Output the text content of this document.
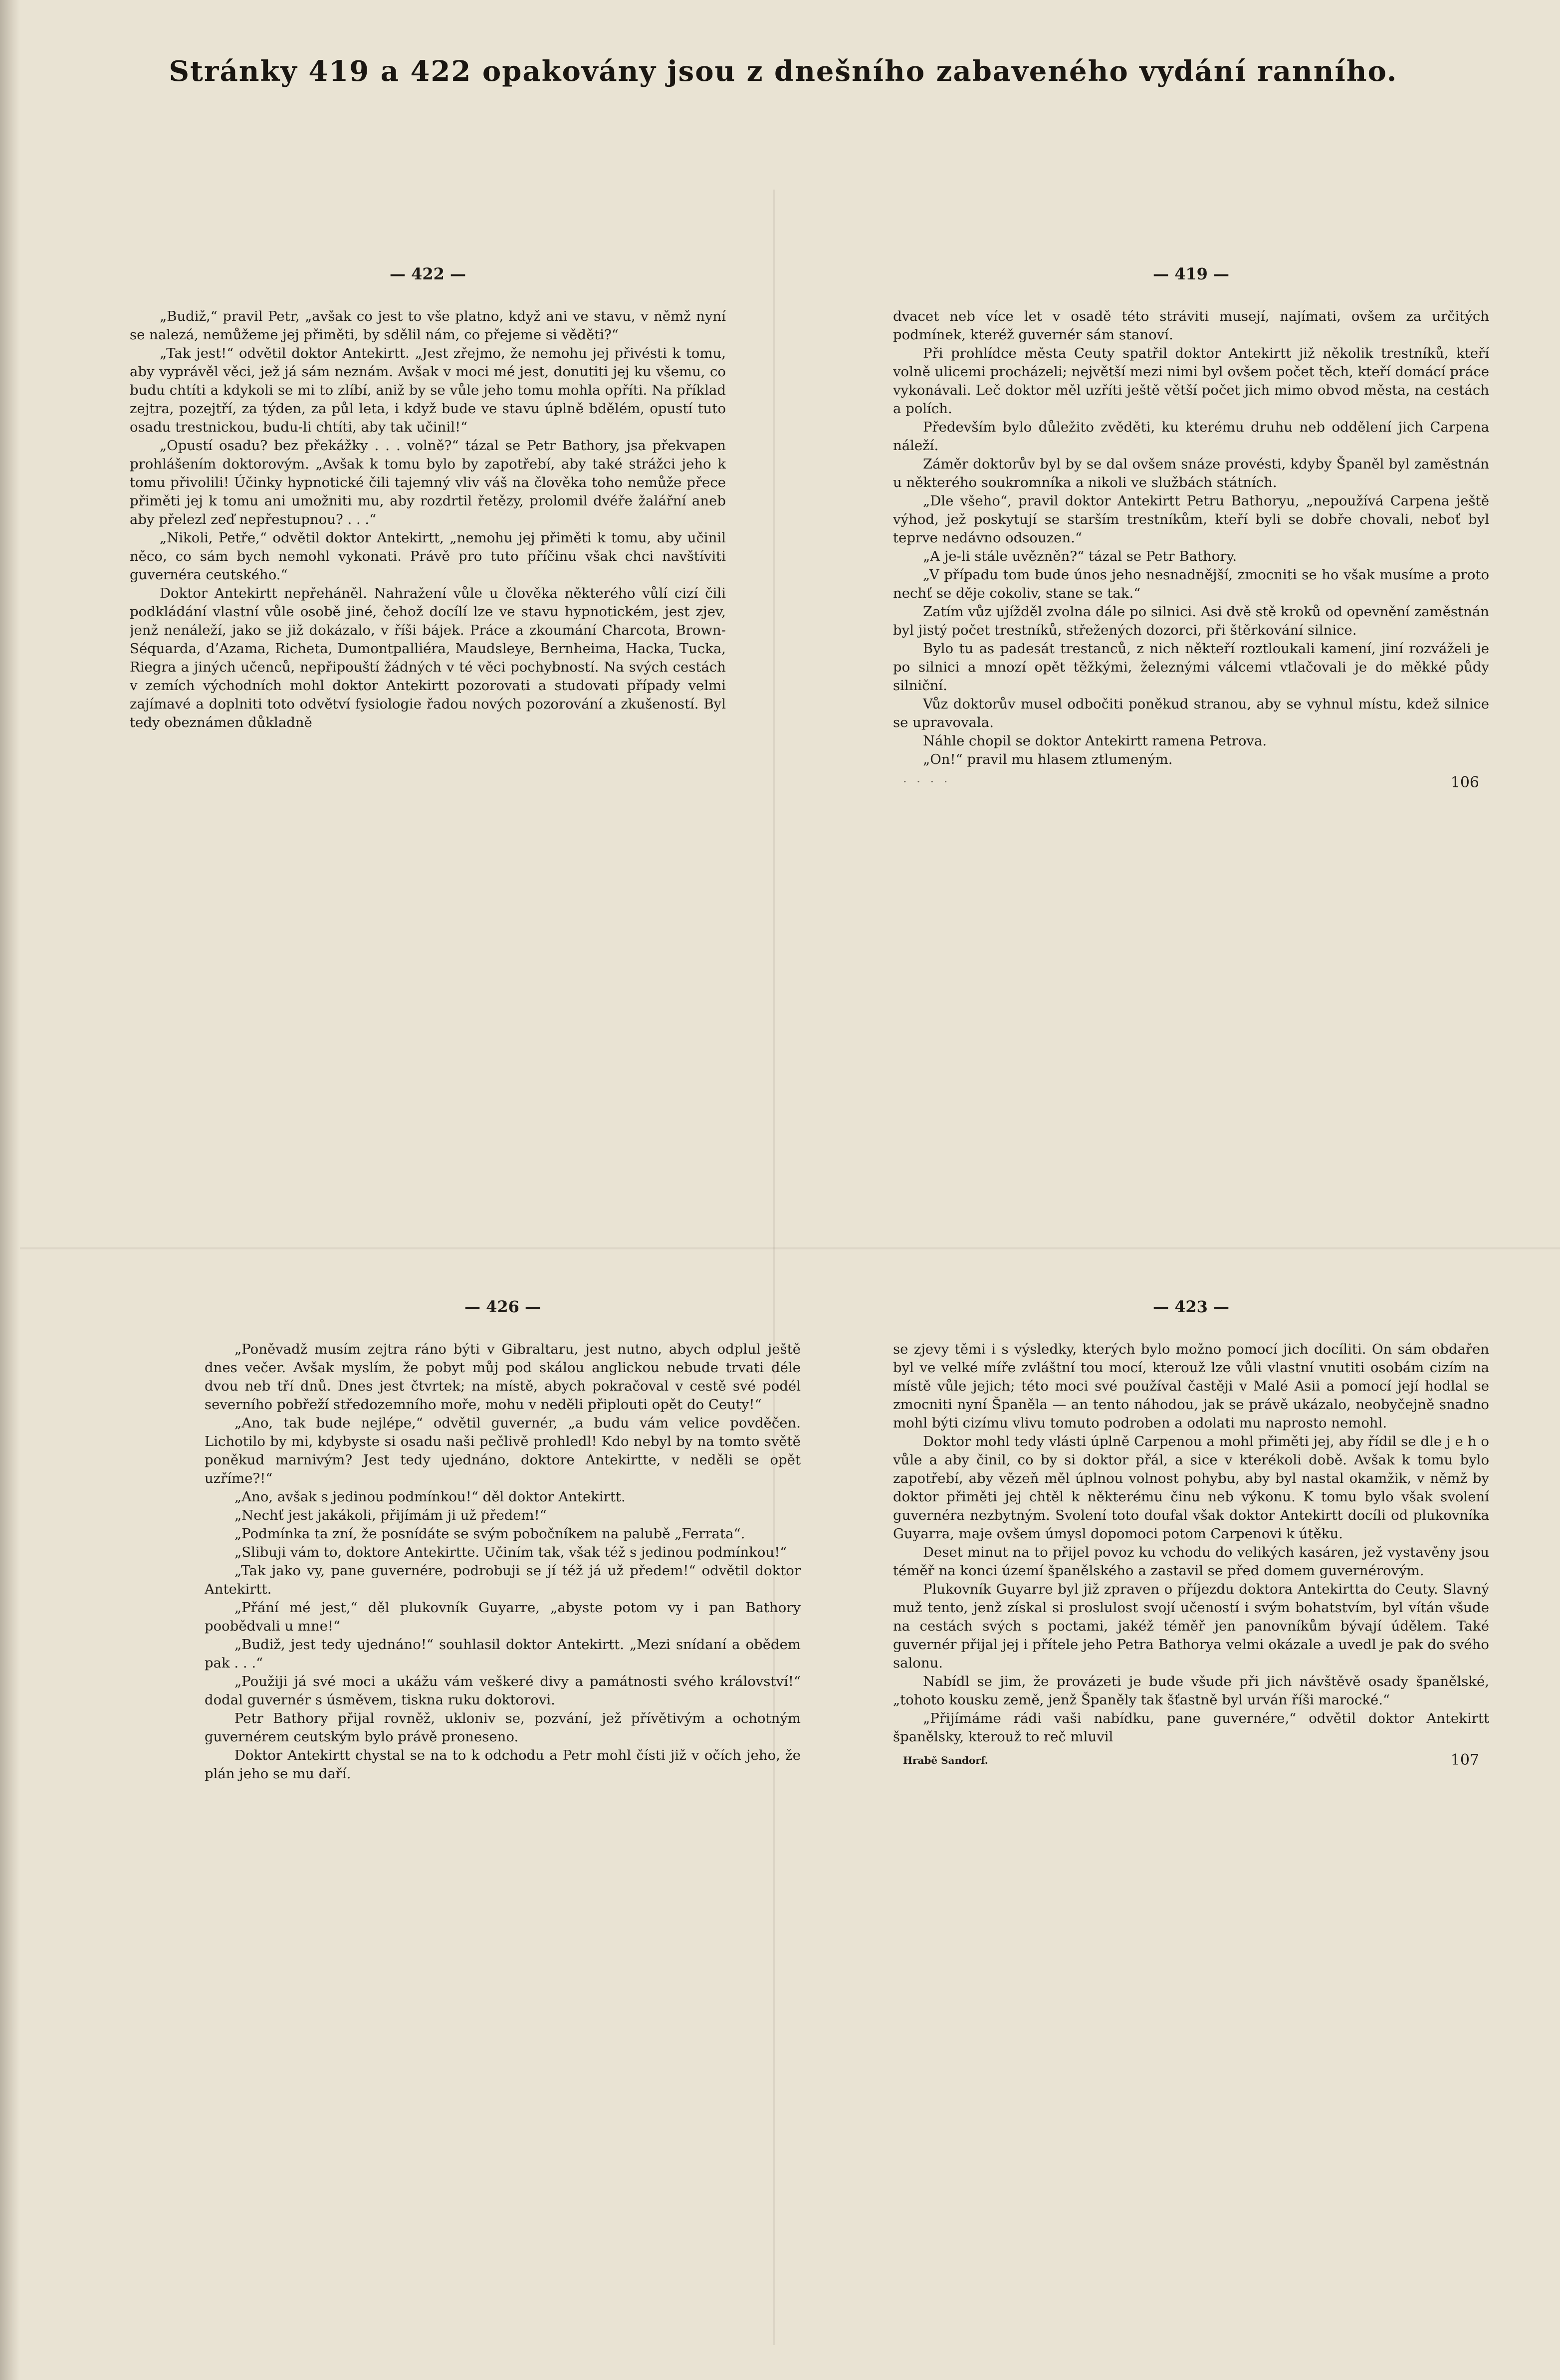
Stránky 419 a 422 opakovány jsou z dnešního zabaveného vydání ranního.
— 422 —

„Budiž,“ pravil Petr, „avšak co jest to vše platno, když ani ve stavu, v němž nyní se nalezá, nemůžeme jej přiměti, by sdělil nám, co přejeme si věděti?“

„Tak jest!“ odvětil doktor Antekirtt. „Jest zřejmo, že nemohu jej přivésti k tomu, aby vyprávěl věci, jež já sám neznám. Avšak v moci mé jest, donutiti jej ku všemu, co budu chtíti a kdykoli se mi to zlíbí, aniž by se vůle jeho tomu mohla opříti. Na příklad zejtra, pozejtří, za týden, za půl leta, i když bude ve stavu úplně bdělém, opustí tuto osadu trestnickou, budu-li chtíti, aby tak učinil!“

„Opustí osadu? bez překážky . . . volně?“ tázal se Petr Bathory, jsa překvapen prohlášením doktorovým. „Avšak k tomu bylo by zapotřebí, aby také strážci jeho k tomu přivolili! Účinky hypnotické čili tajemný vliv váš na člověka toho nemůže přece přiměti jej k tomu ani umožniti mu, aby rozdrtil řetězy, prolomil dvéře žalářní aneb aby přelezl zeď nepřestupnou? . . .“

„Nikoli, Petře,“ odvětil doktor Antekirtt, „nemohu jej přiměti k tomu, aby učinil něco, co sám bych nemohl vykonati. Právě pro tuto příčinu však chci navštíviti guvernéra ceutského.“

Doktor Antekirtt nepřeháněl. Nahražení vůle u člověka některého vůlí cizí čili podkládání vlastní vůle osobě jiné, čehož docílí lze ve stavu hypnotickém, jest zjev, jenž nenáleží, jako se již dokázalo, v říši bájek. Práce a zkoumání Charcota, Brown-Séquarda, d’Azama, Richeta, Dumontpalliéra, Maudsleye, Bernheima, Hacka, Tucka, Riegra a jiných učenců, nepřipouští žádných v té věci pochybností. Na svých cestách v zemích východních mohl doktor Antekirtt pozorovati a studovati případy velmi zajímavé a doplniti toto odvětví fysiologie řadou nových pozorování a zkušeností. Byl tedy obeznámen důkladně

— 419 —

dvacet neb více let v osadě této stráviti musejí, najímati, ovšem za určitých podmínek, kteréž guvernér sám stanoví.

Při prohlídce města Ceuty spatřil doktor Antekirtt již několik trestníků, kteří volně ulicemi procházeli; největší mezi nimi byl ovšem počet těch, kteří domácí práce vykonávali. Leč doktor měl uzříti ještě větší počet jich mimo obvod města, na cestách a polích.

Především bylo důležito zvěděti, ku kterému druhu neb oddělení jich Carpena náleží.

Záměr doktorův byl by se dal ovšem snáze provésti, kdyby Španěl byl zaměstnán u některého soukromníka a nikoli ve službách státních.

„Dle všeho“, pravil doktor Antekirtt Petru Bathoryu, „nepoužívá Carpena ještě výhod, jež poskytují se starším trestníkům, kteří byli se dobře chovali, neboť byl teprve nedávno odsouzen.“

„A je-li stále uvězněn?“ tázal se Petr Bathory.

„V případu tom bude únos jeho nesnadnější, zmocniti se ho však musíme a proto nechť se děje cokoliv, stane se tak.“

Zatím vůz ujížděl zvolna dále po silnici. Asi dvě stě kroků od opevnění zaměstnán byl jistý počet trestníků, střežených dozorci, při štěrkování silnice.

Bylo tu as padesát trestanců, z nich někteří roztloukali kamení, jiní rozváželi je po silnici a mnozí opět těžkými, železnými válcemi vtlačovali je do měkké půdy silniční.

Vůz doktorův musel odbočiti poněkud stranou, aby se vyhnul místu, kdež silnice se upravovala.

Náhle chopil se doktor Antekirtt ramena Petrova.

„On!“ pravil mu hlasem ztlumeným.

· · · ·	106
— 426 —

„Poněvadž musím zejtra ráno býti v Gibraltaru, jest nutno, abych odplul ještě dnes večer. Avšak myslím, že pobyt můj pod skálou anglickou nebude trvati déle dvou neb tří dnů. Dnes jest čtvrtek; na místě, abych pokračoval v cestě své podél severního pobřeží středozemního moře, mohu v neděli připlouti opět do Ceuty!“

„Ano, tak bude nejlépe,“ odvětil guvernér, „a budu vám velice povděčen. Lichotilo by mi, kdybyste si osadu naši pečlivě prohledl! Kdo nebyl by na tomto světě poněkud marnivým? Jest tedy ujednáno, doktore Antekirtte, v neděli se opět uzříme?!“

„Ano, avšak s jedinou podmínkou!“ děl doktor Antekirtt.

„Nechť jest jakákoli, přijímám ji už předem!“

„Podmínka ta zní, že posnídáte se svým pobočníkem na palubě „Ferrata“.

„Slibuji vám to, doktore Antekirtte. Učiním tak, však též s jedinou podmínkou!“

„Tak jako vy, pane guvernére, podrobuji se jí též já už předem!“ odvětil doktor Antekirtt.

„Přání mé jest,“ děl plukovník Guyarre, „abyste potom vy i pan Bathory poobědvali u mne!“

„Budiž, jest tedy ujednáno!“ souhlasil doktor Antekirtt. „Mezi snídaní a obědem pak . . .“

„Použiji já své moci a ukážu vám veškeré divy a památnosti svého království!“ dodal guvernér s úsměvem, tiskna ruku doktorovi.

Petr Bathory přijal rovněž, ukloniv se, pozvání, jež přívětivým a ochotným guvernérem ceutským bylo právě proneseno.

Doktor Antekirtt chystal se na to k odchodu a Petr mohl čísti již v očích jeho, že plán jeho se mu daří.

— 423 —

se zjevy těmi i s výsledky, kterých bylo možno pomocí jich docíliti. On sám obdařen byl ve velké míře zvláštní tou mocí, kterouž lze vůli vlastní vnutiti osobám cizím na místě vůle jejich; této moci své používal častěji v Malé Asii a pomocí její hodlal se zmocniti nyní Španěla — an tento náhodou, jak se právě ukázalo, neobyčejně snadno mohl býti cizímu vlivu tomuto podroben a odolati mu naprosto nemohl.

Doktor mohl tedy vlásti úplně Carpenou a mohl přiměti jej, aby řídil se dle j e h o vůle a aby činil, co by si doktor přál, a sice v kterékoli době. Avšak k tomu bylo zapotřebí, aby vězeň měl úplnou volnost pohybu, aby byl nastal okamžik, v němž by doktor přiměti jej chtěl k některému činu neb výkonu. K tomu bylo však svolení guvernéra nezbytným. Svolení toto doufal však doktor Antekirtt docíli od plukovníka Guyarra, maje ovšem úmysl dopomoci potom Carpenovi k útěku.

Deset minut na to přijel povoz ku vchodu do velikých kasáren, jež vystavěny jsou téměř na konci území španělského a zastavil se před domem guvernérovým.

Plukovník Guyarre byl již zpraven o příjezdu doktora Antekirtta do Ceuty. Slavný muž tento, jenž získal si proslulost svojí učeností i svým bohatstvím, byl vítán všude na cestách svých s poctami, jakéž téměř jen panovníkům bývají údělem. Také guvernér přijal jej i přítele jeho Petra Bathorya velmi okázale a uvedl je pak do svého salonu.

Nabídl se jim, že provázeti je bude všude při jich návštěvě osady španělské, „tohoto kousku země, jenž Španěly tak šťastně byl urván říši marocké.“

„Přijímáme rádi vaši nabídku, pane guvernére,“ odvětil doktor Antekirtt španělsky, kterouž to reč mluvil

Hrabě Sandorf.	107
